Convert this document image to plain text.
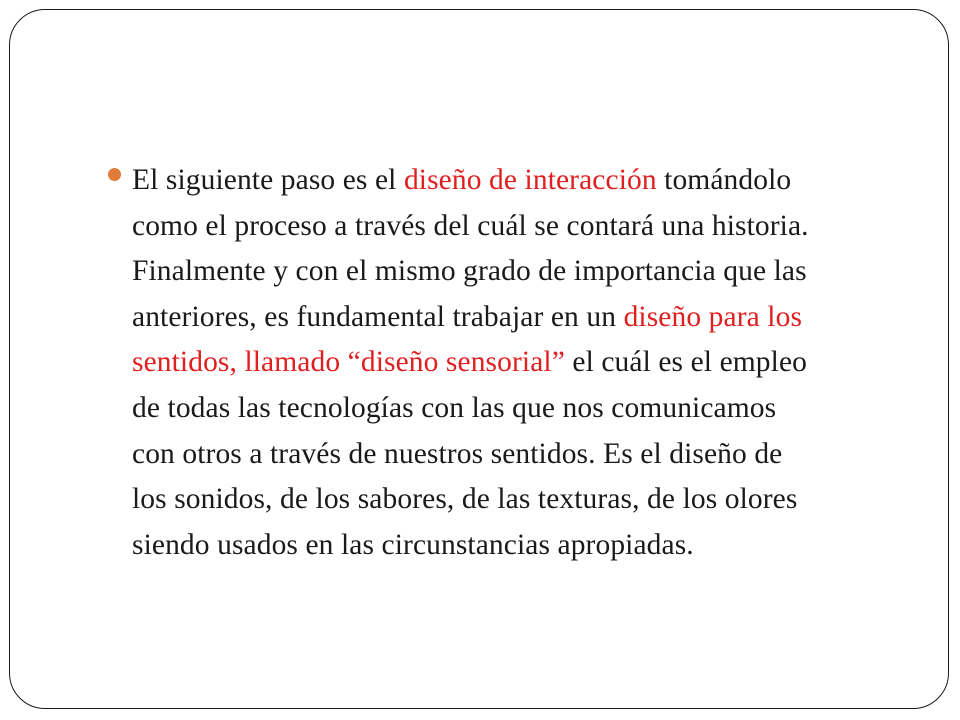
El siguiente paso es el diseño de interacción tomándolo
como el proceso a través del cuál se contará una historia.
Finalmente y con el mismo grado de importancia que las
anteriores, es fundamental trabajar en un diseño para los
sentidos, llamado “diseño sensorial” el cuál es el empleo
de todas las tecnologías con las que nos comunicamos
con otros a través de nuestros sentidos. Es el diseño de
los sonidos, de los sabores, de las texturas, de los olores
siendo usados en las circunstancias apropiadas.
